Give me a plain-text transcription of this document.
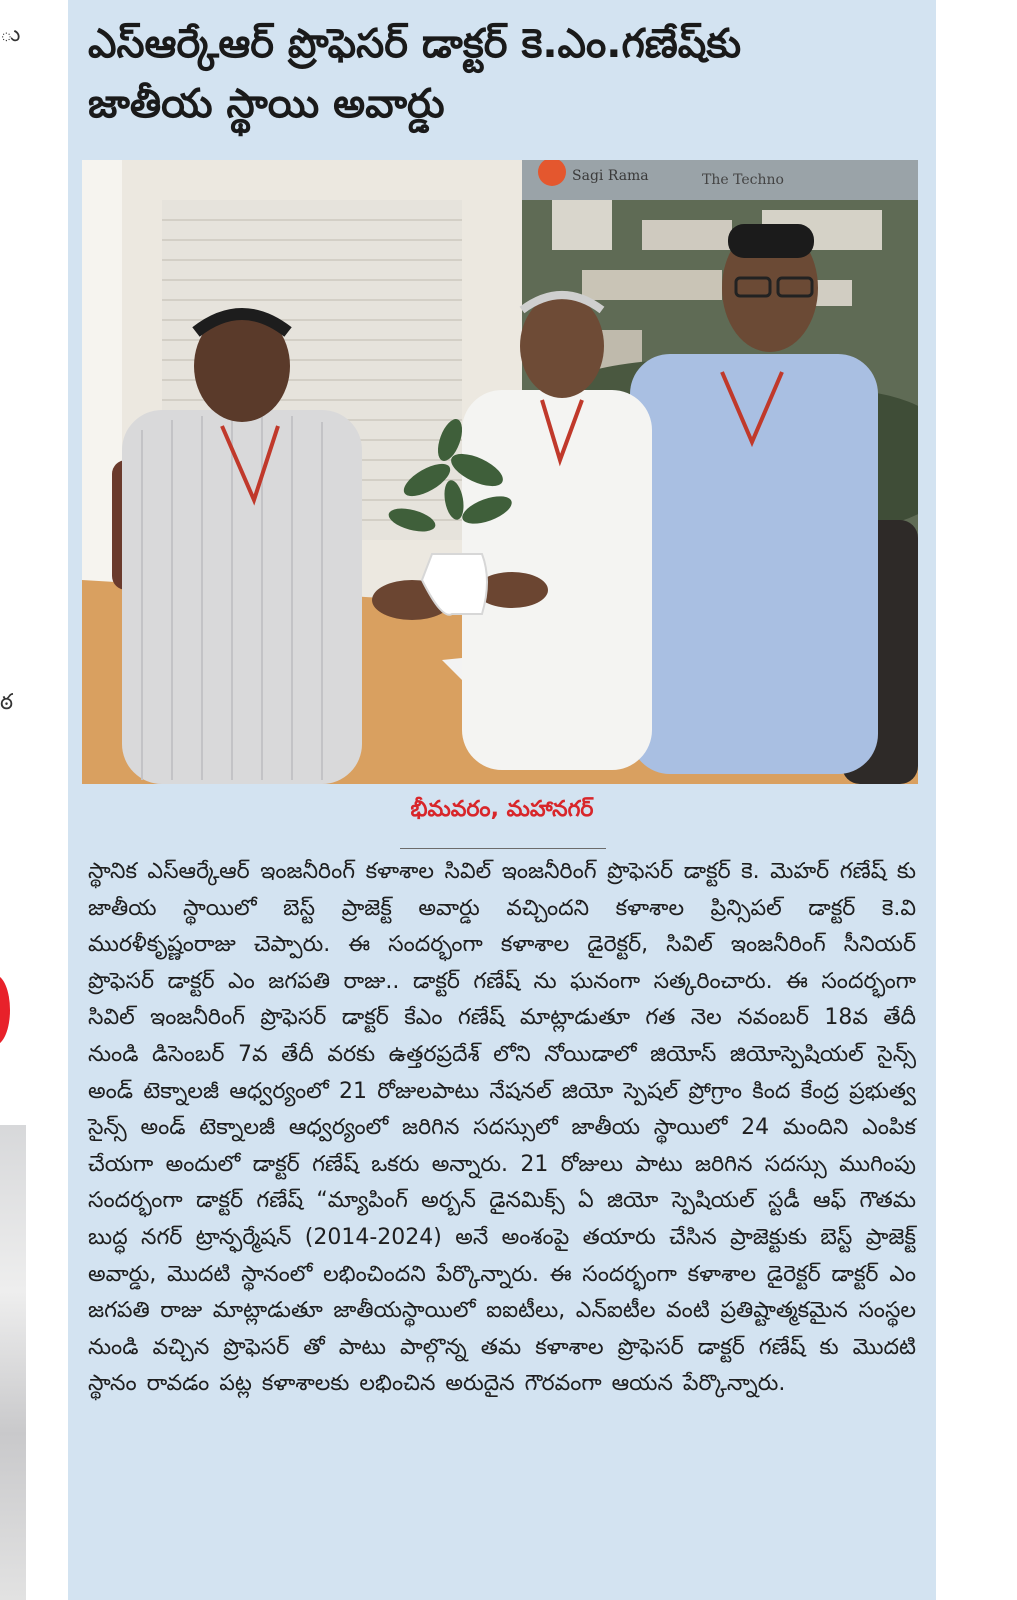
ు
ఠ
ఎస్ఆర్కేఆర్ ప్రొఫెసర్ డాక్టర్ కె.ఎం.గణేష్‌కు
జాతీయ స్థాయి అవార్డు
Sagi Rama	The Techno
భీమవరం, మహానగర్

స్థానిక ఎస్ఆర్కేఆర్ ఇంజనీరింగ్ కళాశాల సివిల్ ఇంజనీరింగ్ ప్రొఫెసర్ డాక్టర్ కె. మెహర్ గణేష్ కు జాతీయ స్థాయిలో బెస్ట్ ప్రాజెక్ట్ అవార్డు వచ్చిందని కళాశాల ప్రిన్సిపల్ డాక్టర్ కె.వి మురళీకృష్ణంరాజు చెప్పారు. ఈ సందర్భంగా కళాశాల డైరెక్టర్, సివిల్ ఇంజనీరింగ్ సీనియర్ ప్రొఫెసర్ డాక్టర్ ఎం జగపతి రాజు.. డాక్టర్ గణేష్ ను ఘనంగా సత్కరించారు. ఈ సందర్భంగా సివిల్ ఇంజనీరింగ్ ప్రొఫెసర్ డాక్టర్ కేఎం గణేష్ మాట్లాడుతూ గత నెల నవంబర్ 18వ తేదీ నుండి డిసెంబర్ 7వ తేదీ వరకు ఉత్తరప్రదేశ్ లోని నోయిడాలో జియోస్ జియోస్పెషియల్ సైన్స్ అండ్ టెక్నాలజీ ఆధ్వర్యంలో 21 రోజులపాటు నేషనల్ జియో స్పెషల్ ప్రోగ్రాం కింద కేంద్ర ప్రభుత్వ సైన్స్ అండ్ టెక్నాలజీ ఆధ్వర్యంలో జరిగిన సదస్సులో జాతీయ స్థాయిలో 24 మందిని ఎంపిక చేయగా అందులో డాక్టర్ గణేష్ ఒకరు అన్నారు. 21 రోజులు పాటు జరిగిన సదస్సు ముగింపు సందర్భంగా డాక్టర్ గణేష్ “మ్యాపింగ్ అర్బన్ డైనమిక్స్ ఏ జియో స్పెషియల్ స్టడీ ఆఫ్ గౌతమ బుద్ధ నగర్ ట్రాన్ఫర్మేషన్ (2014-2024) అనే అంశంపై తయారు చేసిన ప్రాజెక్టుకు బెస్ట్ ప్రాజెక్ట్ అవార్డు, మొదటి స్థానంలో లభించిందని పేర్కొన్నారు. ఈ సందర్భంగా కళాశాల డైరెక్టర్ డాక్టర్ ఎం జగపతి రాజు మాట్లాడుతూ జాతీయస్థాయిలో ఐఐటీలు, ఎన్ఐటీల వంటి ప్రతిష్టాత్మకమైన సంస్థల నుండి వచ్చిన ప్రొఫెసర్ తో పాటు పాల్గొన్న తమ కళాశాల ప్రొఫెసర్ డాక్టర్ గణేష్ కు మొదటి స్థానం రావడం పట్ల కళాశాలకు లభించిన అరుదైన గౌరవంగా ఆయన పేర్కొన్నారు.
